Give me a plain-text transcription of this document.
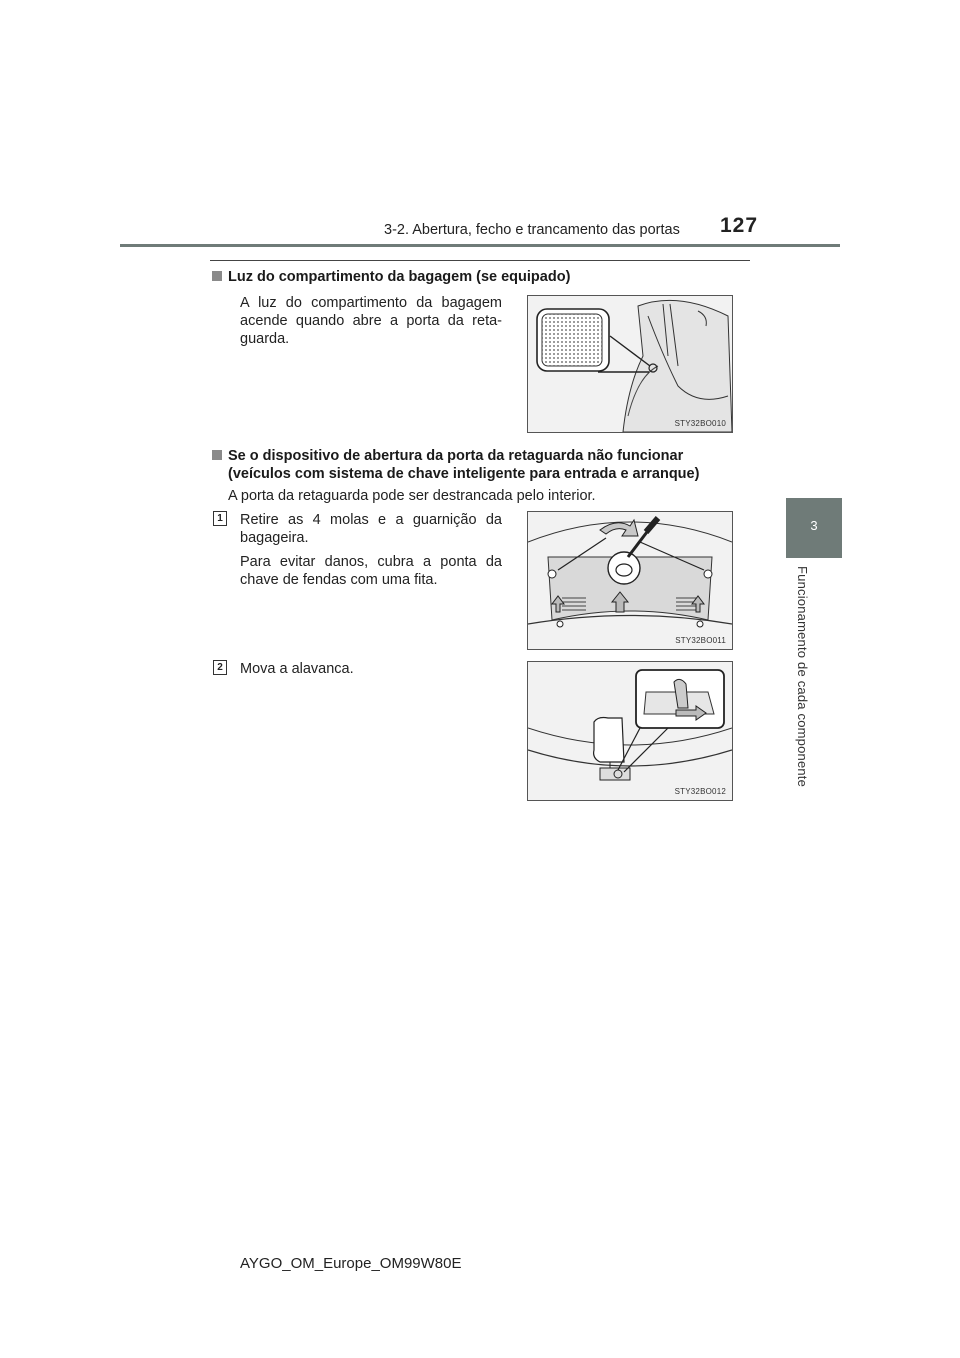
3-2. Abertura, fecho e trancamento das portas 127
3
Funcionamento de cada componente
Luz do compartimento da bagagem (se equipado)
A luz do compartimento da bagagem acende quando abre a porta da reta-guarda.
STY32BO010
Se o dispositivo de abertura da porta da retaguarda não funcionar
(veículos com sistema de chave inteligente para entrada e arranque)
A porta da retaguarda pode ser destrancada pelo interior.
1 Retire as 4 molas e a guarnição da bagageira.
Para evitar danos, cubra a ponta da chave de fendas com uma fita.
STY32BO011
2 Mova a alavanca.
STY32BO012
AYGO_OM_Europe_OM99W80E
